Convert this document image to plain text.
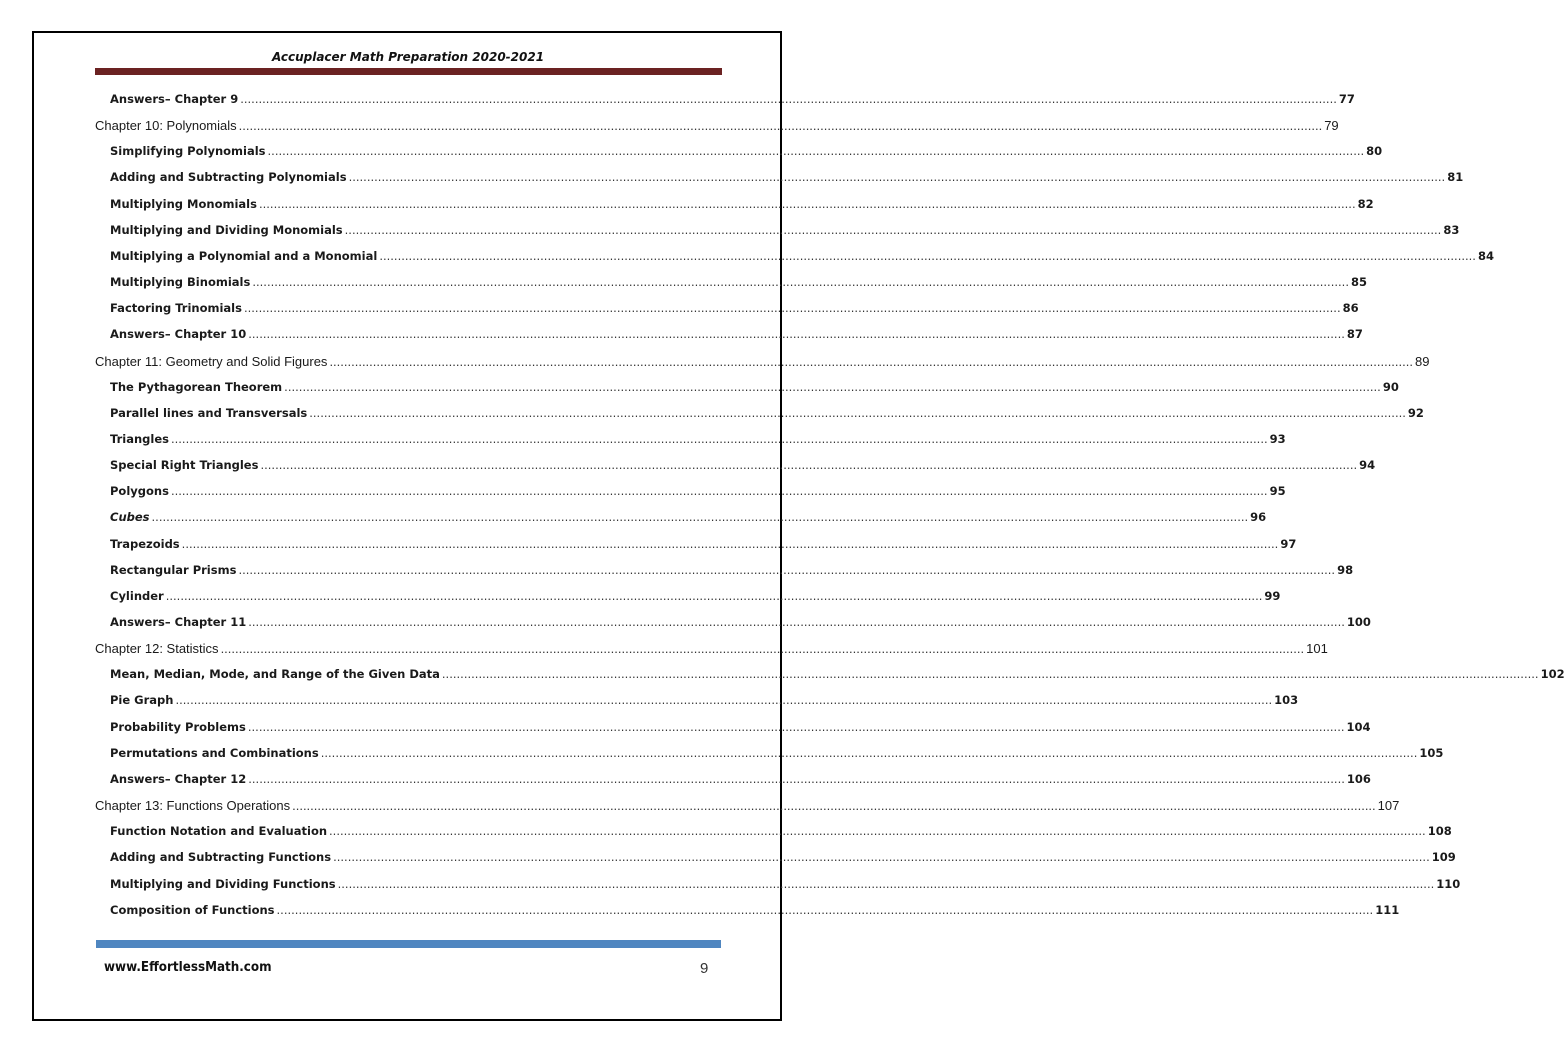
Accuplacer Math Preparation 2020-2021
Answers– Chapter 9 ............................................................................................................................................................................................................................................................................................................ 77
Chapter 10: Polynomials ............................................................................................................................................................................................................................................................................................................ 79
Simplifying Polynomials ............................................................................................................................................................................................................................................................................................................ 80
Adding and Subtracting Polynomials ............................................................................................................................................................................................................................................................................................................ 81
Multiplying Monomials ............................................................................................................................................................................................................................................................................................................ 82
Multiplying and Dividing Monomials ............................................................................................................................................................................................................................................................................................................ 83
Multiplying a Polynomial and a Monomial ............................................................................................................................................................................................................................................................................................................ 84
Multiplying Binomials ............................................................................................................................................................................................................................................................................................................ 85
Factoring Trinomials ............................................................................................................................................................................................................................................................................................................ 86
Answers– Chapter 10 ............................................................................................................................................................................................................................................................................................................ 87
Chapter 11: Geometry and Solid Figures ............................................................................................................................................................................................................................................................................................................ 89
The Pythagorean Theorem ............................................................................................................................................................................................................................................................................................................ 90
Parallel lines and Transversals ............................................................................................................................................................................................................................................................................................................ 92
Triangles ............................................................................................................................................................................................................................................................................................................ 93
Special Right Triangles ............................................................................................................................................................................................................................................................................................................ 94
Polygons ............................................................................................................................................................................................................................................................................................................ 95
Cubes ............................................................................................................................................................................................................................................................................................................ 96
Trapezoids ............................................................................................................................................................................................................................................................................................................ 97
Rectangular Prisms ............................................................................................................................................................................................................................................................................................................ 98
Cylinder ............................................................................................................................................................................................................................................................................................................ 99
Answers– Chapter 11 ............................................................................................................................................................................................................................................................................................................ 100
Chapter 12: Statistics ............................................................................................................................................................................................................................................................................................................ 101
Mean, Median, Mode, and Range of the Given Data ............................................................................................................................................................................................................................................................................................................ 102
Pie Graph ............................................................................................................................................................................................................................................................................................................ 103
Probability Problems ............................................................................................................................................................................................................................................................................................................ 104
Permutations and Combinations ............................................................................................................................................................................................................................................................................................................ 105
Answers– Chapter 12 ............................................................................................................................................................................................................................................................................................................ 106
Chapter 13: Functions Operations ............................................................................................................................................................................................................................................................................................................ 107
Function Notation and Evaluation ............................................................................................................................................................................................................................................................................................................ 108
Adding and Subtracting Functions ............................................................................................................................................................................................................................................................................................................ 109
Multiplying and Dividing Functions ............................................................................................................................................................................................................................................................................................................ 110
Composition of Functions ............................................................................................................................................................................................................................................................................................................ 111
www.EffortlessMath.com	9
